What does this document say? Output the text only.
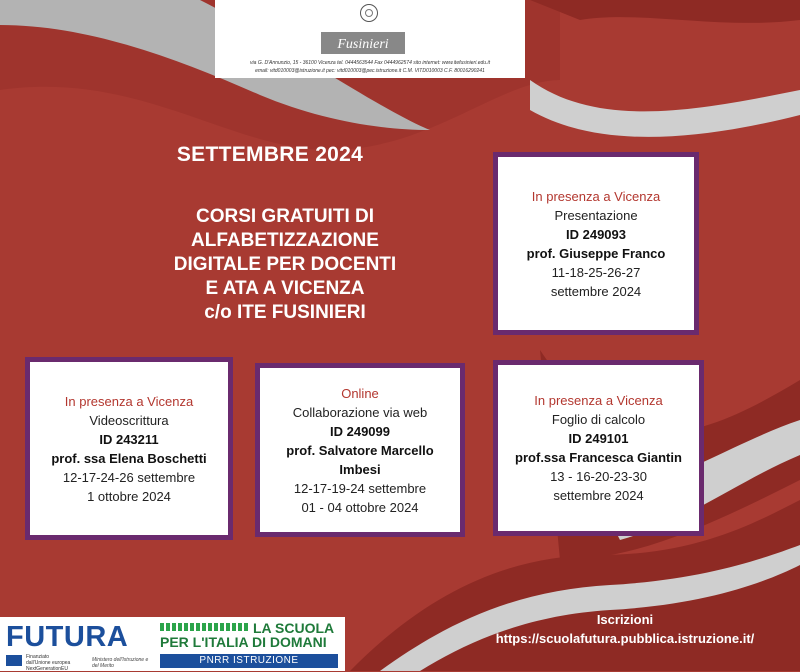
Fusinieri
via G. D'Annunzio, 15 - 36100 Vicenza tel. 0444563544 Fax 0444962574 sito internet: www.itefusinieri.edu.it
email: vitd010003@istruzione.it pec: vitd010003@pec.istruzione.it C.M. VITD010003 C.F. 80016290241
SETTEMBRE 2024
CORSI GRATUITI DI
ALFABETIZZAZIONE
DIGITALE PER DOCENTI
E ATA A VICENZA
c/o ITE FUSINIERI
In presenza a Vicenza
Presentazione
ID 249093
prof. Giuseppe Franco
11-18-25-26-27
settembre 2024
In presenza a Vicenza
Videoscrittura
ID 243211
prof. ssa Elena Boschetti
12-17-24-26 settembre
1 ottobre 2024
Online
Collaborazione via web
ID 249099
prof. Salvatore Marcello
Imbesi
12-17-19-24 settembre
01 - 04 ottobre 2024
In presenza a Vicenza
Foglio di calcolo
ID 249101
prof.ssa Francesca Giantin
13 - 16-20-23-30
settembre 2024
FUTURA
Finanziato
dall'Unione europea
NextGenerationEU
Ministero dell'Istruzione e del Merito
LA SCUOLA
PER L'ITALIA DI DOMANI
PNRR ISTRUZIONE
Iscrizioni
https://scuolafutura.pubblica.istruzione.it/
